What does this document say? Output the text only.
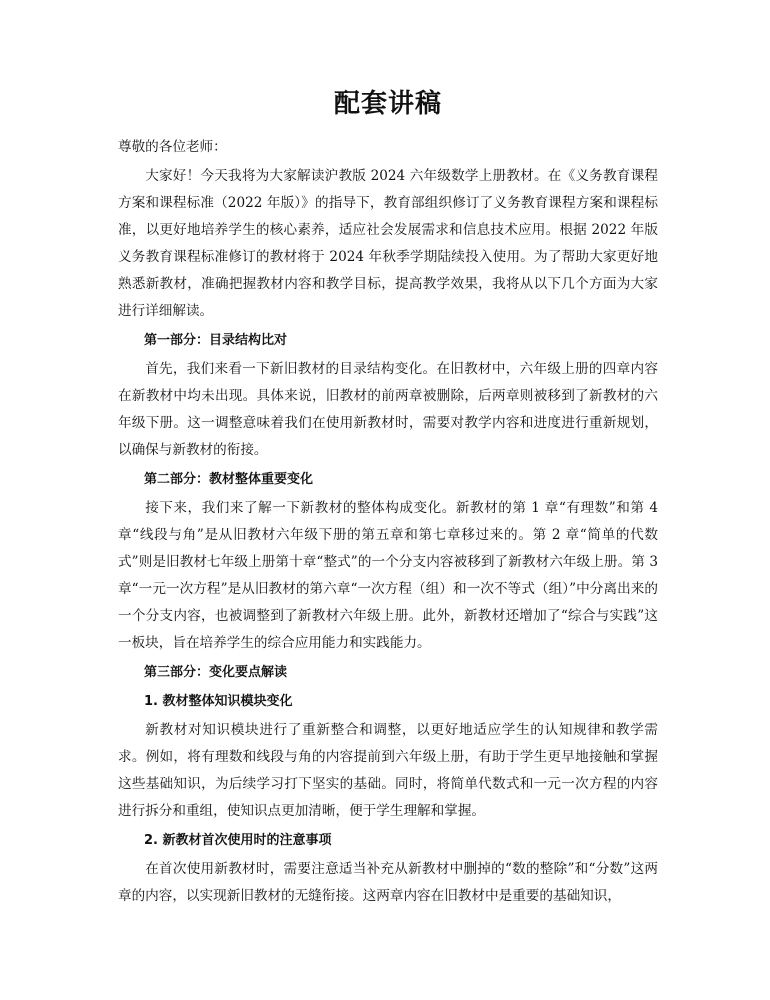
配套讲稿

尊敬的各位老师：

大家好！今天我将为大家解读沪教版 2024 六年级数学上册教材。在《义务教育课程方案和课程标准（2022 年版）》的指导下，教育部组织修订了义务教育课程方案和课程标准，以更好地培养学生的核心素养，适应社会发展需求和信息技术应用。根据 2022 年版义务教育课程标准修订的教材将于 2024 年秋季学期陆续投入使用。为了帮助大家更好地熟悉新教材，准确把握教材内容和教学目标，提高教学效果，我将从以下几个方面为大家进行详细解读。

第一部分：目录结构比对

首先，我们来看一下新旧教材的目录结构变化。在旧教材中，六年级上册的四章内容在新教材中均未出现。具体来说，旧教材的前两章被删除，后两章则被移到了新教材的六年级下册。这一调整意味着我们在使用新教材时，需要对教学内容和进度进行重新规划，以确保与新教材的衔接。

第二部分：教材整体重要变化

接下来，我们来了解一下新教材的整体构成变化。新教材的第 1 章“有理数”和第 4 章“线段与角”是从旧教材六年级下册的第五章和第七章移过来的。第 2 章“简单的代数式”则是旧教材七年级上册第十章“整式”的一个分支内容被移到了新教材六年级上册。第 3 章“一元一次方程”是从旧教材的第六章“一次方程（组）和一次不等式（组）”中分离出来的一个分支内容，也被调整到了新教材六年级上册。此外，新教材还增加了“综合与实践”这一板块，旨在培养学生的综合应用能力和实践能力。

第三部分：变化要点解读

1. 教材整体知识模块变化

新教材对知识模块进行了重新整合和调整，以更好地适应学生的认知规律和教学需求。例如，将有理数和线段与角的内容提前到六年级上册，有助于学生更早地接触和掌握这些基础知识，为后续学习打下坚实的基础。同时，将简单代数式和一元一次方程的内容进行拆分和重组，使知识点更加清晰，便于学生理解和掌握。

2. 新教材首次使用时的注意事项

在首次使用新教材时，需要注意适当补充从新教材中删掉的“数的整除”和“分数”这两章的内容，以实现新旧教材的无缝衔接。这两章内容在旧教材中是重要的基础知识，
